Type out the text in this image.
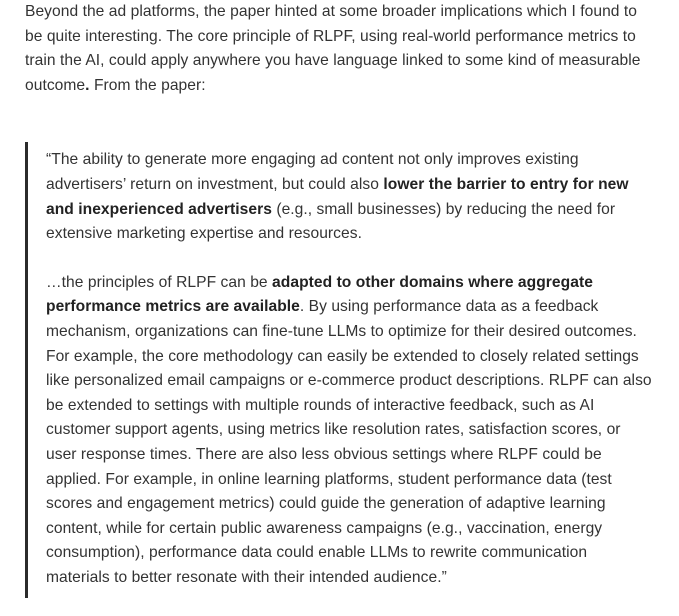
Beyond the ad platforms, the paper hinted at some broader implications which I found to be quite interesting. The core principle of RLPF, using real-world performance metrics to train the AI, could apply anywhere you have language linked to some kind of measurable outcome. From the paper:

“The ability to generate more engaging ad content not only improves existing advertisers’ return on investment, but could also lower the barrier to entry for new and inexperienced advertisers (e.g., small businesses) by reducing the need for extensive marketing expertise and resources.

…the principles of RLPF can be adapted to other domains where aggregate performance metrics are available. By using performance data as a feedback mechanism, organizations can fine-tune LLMs to optimize for their desired outcomes. For example, the core methodology can easily be extended to closely related settings like personalized email campaigns or e-commerce product descriptions. RLPF can also be extended to settings with multiple rounds of interactive feedback, such as AI customer support agents, using metrics like resolution rates, satisfaction scores, or user response times. There are also less obvious settings where RLPF could be applied. For example, in online learning platforms, student performance data (test scores and engagement metrics) could guide the generation of adaptive learning content, while for certain public awareness campaigns (e.g., vaccination, energy consumption), performance data could enable LLMs to rewrite communication materials to better resonate with their intended audience.”
